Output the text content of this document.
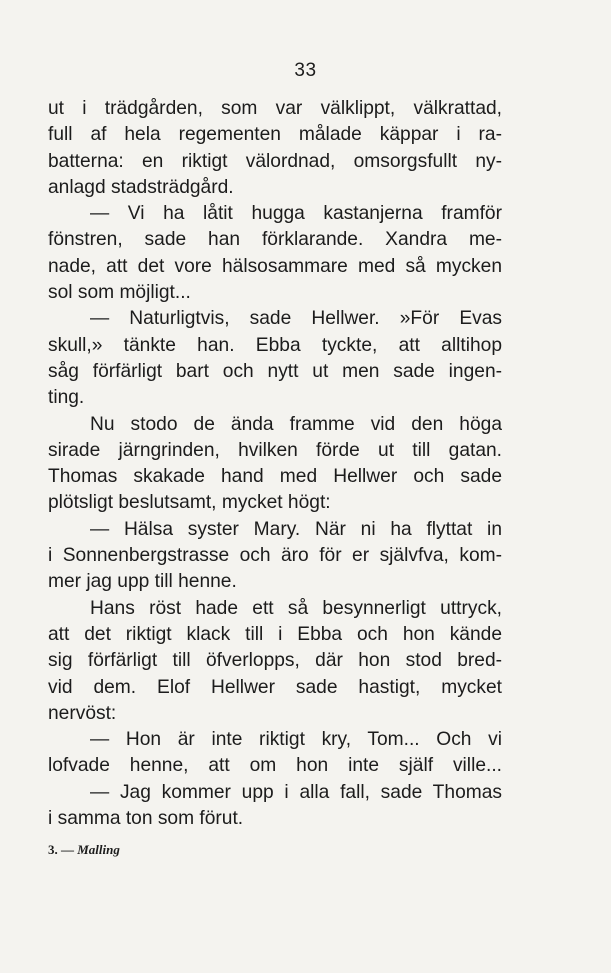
33
ut i trädgården, som var välklippt, välkrattad,
full af hela regementen målade käppar i ra-
batterna: en riktigt välordnad, omsorgsfullt ny-
anlagd stadsträdgård.
— Vi ha låtit hugga kastanjerna framför
fönstren, sade han förklarande. Xandra me-
nade, att det vore hälsosammare med så mycken
sol som möjligt...
— Naturligtvis, sade Hellwer. »För Evas
skull,» tänkte han. Ebba tyckte, att alltihop
såg förfärligt bart och nytt ut men sade ingen-
ting.
Nu stodo de ända framme vid den höga
sirade järngrinden, hvilken förde ut till gatan.
Thomas skakade hand med Hellwer och sade
plötsligt beslutsamt, mycket högt:
— Hälsa syster Mary. När ni ha flyttat in
i Sonnenbergstrasse och äro för er självfva, kom-
mer jag upp till henne.
Hans röst hade ett så besynnerligt uttryck,
att det riktigt klack till i Ebba och hon kände
sig förfärligt till öfverlopps, där hon stod bred-
vid dem. Elof Hellwer sade hastigt, mycket
nervöst:
— Hon är inte riktigt kry, Tom... Och vi
lofvade henne, att om hon inte själf ville...
— Jag kommer upp i alla fall, sade Thomas
i samma ton som förut.
3. — Malling
